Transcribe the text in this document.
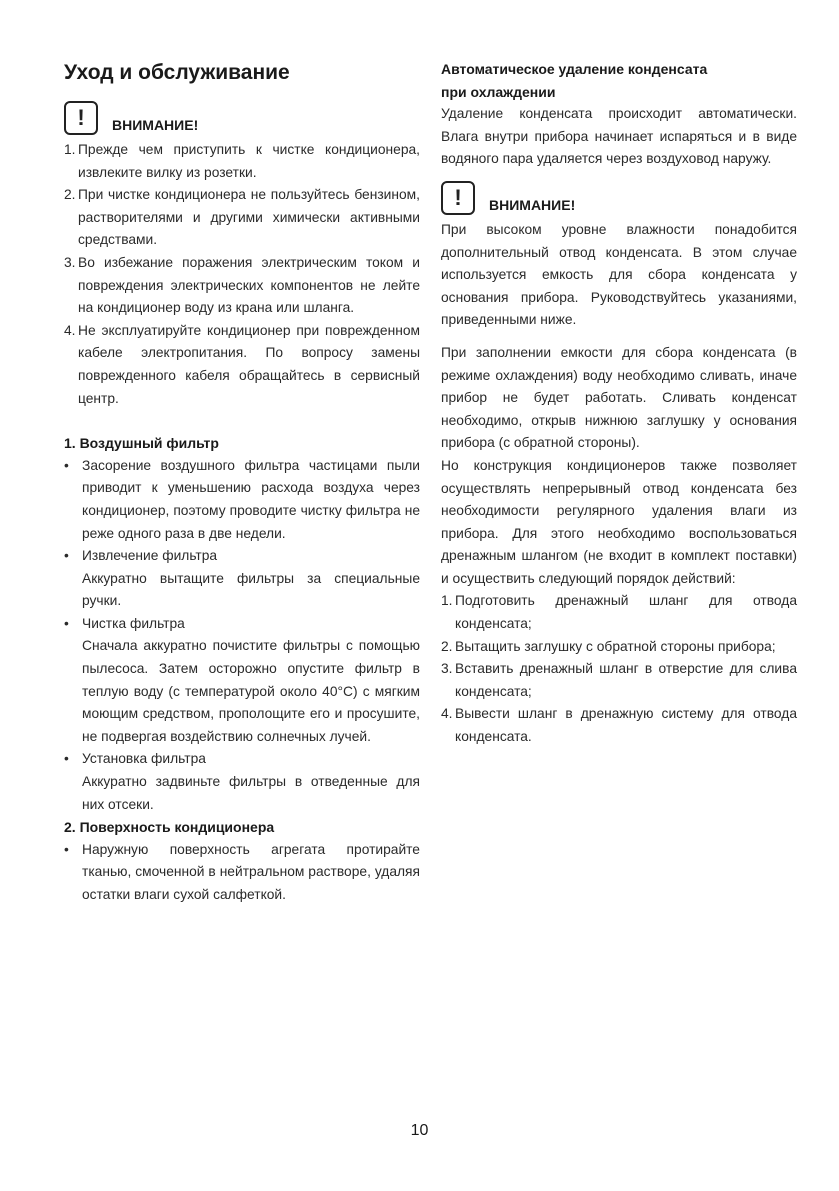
Уход и обслуживание
!	ВНИМАНИЕ!
1. Прежде чем приступить к чистке кондиционера, извлеките вилку из розетки.
2. При чистке кондиционера не пользуйтесь бензином, растворителями и другими химически активными средствами.
3. Во избежание поражения электрическим током и повреждения электрических компонентов не лейте на кондиционер воду из крана или шланга.
4. Не эксплуатируйте кондиционер при поврежденном кабеле электропитания. По вопросу замены поврежденного кабеля обращайтесь в сервисный центр.
1. Воздушный фильтр
• Засорение воздушного фильтра частицами пыли приводит к уменьшению расхода воздуха через кондиционер, поэтому проводите чистку фильтра не реже одного раза в две недели.
• Извлечение фильтра

Аккуратно вытащите фильтры за специальные ручки.

• Чистка фильтра

Сначала аккуратно почистите фильтры с помощью пылесоса. Затем осторожно опустите фильтр в теплую воду (с температурой около 40°С) с мягким моющим средством, прополощите его и просушите, не подвергая воздействию солнечных лучей.

• Установка фильтра

Аккуратно задвиньте фильтры в отведенные для них отсеки.

2. Поверхность кондиционера
• Наружную поверхность агрегата протирайте тканью, смоченной в нейтральном растворе, удаляя остатки влаги сухой салфеткой.
Автоматическое удаление конденсата
при охлаждении

Удаление конденсата происходит автоматически. Влага внутри прибора начинает испаряться и в виде водяного пара удаляется через воздуховод наружу.

!	ВНИМАНИЕ!

При высоком уровне влажности понадобится дополнительный отвод конденсата. В этом случае используется емкость для сбора конденсата у основания прибора. Руководствуйтесь указаниями, приведенными ниже.

При заполнении емкости для сбора конденсата (в режиме охлаждения) воду необходимо сливать, иначе прибор не будет работать. Сливать конденсат необходимо, открыв нижнюю заглушку у основания прибора (с обратной стороны).

Но конструкция кондиционеров также позволяет осуществлять непрерывный отвод конденсата без необходимости регулярного удаления влаги из прибора. Для этого необходимо воспользоваться дренажным шлангом (не входит в комплект поставки) и осуществить следующий порядок действий:

1. Подготовить дренажный шланг для отвода конденсата;
2. Вытащить заглушку с обратной стороны прибора;
3. Вставить дренажный шланг в отверстие для слива конденсата;
4. Вывести шланг в дренажную систему для отвода конденсата.
10
